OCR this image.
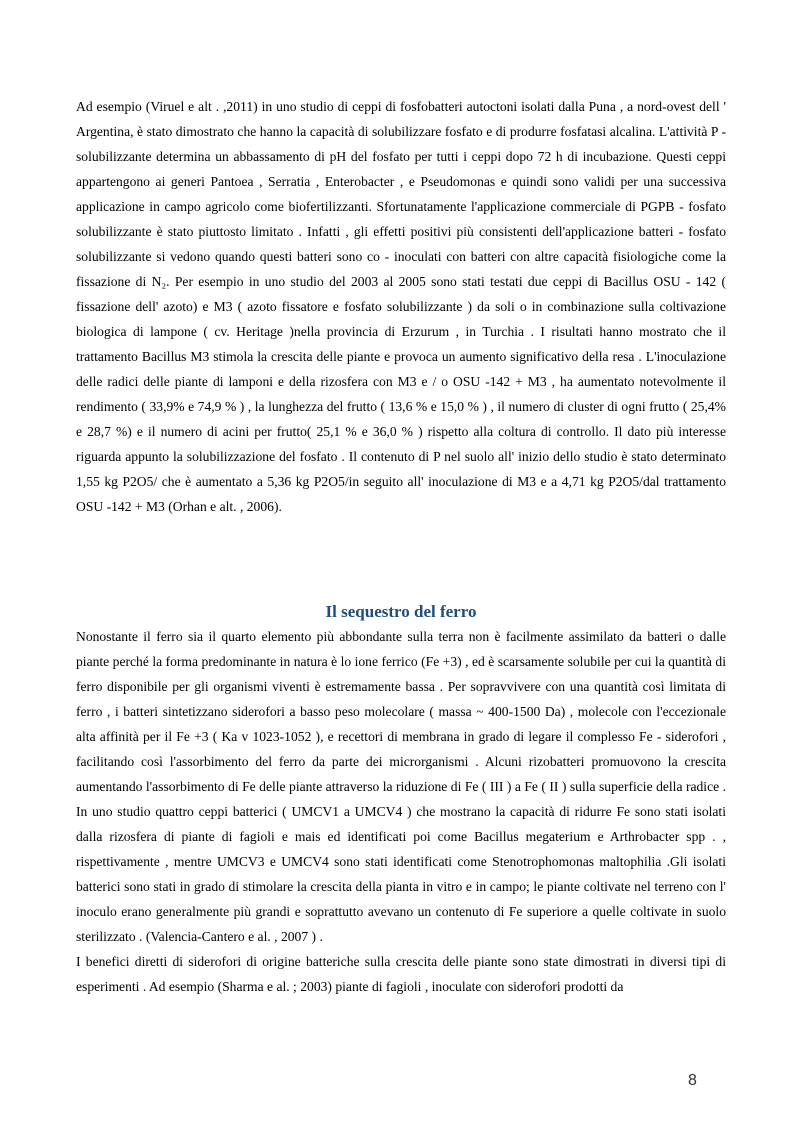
Ad esempio (Viruel e alt . ,2011) in uno studio di ceppi di fosfobatteri autoctoni isolati dalla Puna , a nord-ovest dell ' Argentina, è stato dimostrato che hanno la capacità di solubilizzare fosfato e di produrre fosfatasi alcalina. L'attività P - solubilizzante determina un abbassamento di pH del fosfato per tutti i ceppi dopo 72 h di incubazione. Questi ceppi appartengono ai generi Pantoea , Serratia , Enterobacter , e Pseudomonas e quindi sono validi per una successiva applicazione in campo agricolo come biofertilizzanti. Sfortunatamente l'applicazione commerciale di PGPB - fosfato solubilizzante è stato piuttosto limitato . Infatti , gli effetti positivi più consistenti dell'applicazione batteri - fosfato solubilizzante si vedono quando questi batteri sono co - inoculati con batteri con altre capacità fisiologiche come la fissazione di N₂. Per esempio in uno studio del 2003 al 2005 sono stati testati due ceppi di Bacillus OSU - 142 ( fissazione dell' azoto) e M3 ( azoto fissatore e fosfato solubilizzante ) da soli o in combinazione sulla coltivazione biologica di lampone ( cv. Heritage )nella provincia di Erzurum , in Turchia . I risultati hanno mostrato che il trattamento Bacillus M3 stimola la crescita delle piante e provoca un aumento significativo della resa . L'inoculazione delle radici delle piante di lamponi e della rizosfera con M3 e / o OSU -142 + M3 , ha aumentato notevolmente il rendimento ( 33,9% e 74,9 % ) , la lunghezza del frutto ( 13,6 % e 15,0 % ) , il numero di cluster di ogni frutto ( 25,4% e 28,7 %) e il numero di acini per frutto( 25,1 % e 36,0 % ) rispetto alla coltura di controllo. Il dato più interesse riguarda appunto la solubilizzazione del fosfato . Il contenuto di P nel suolo all' inizio dello studio è stato determinato 1,55 kg P2O5/ che è aumentato a 5,36 kg P2O5/in seguito all' inoculazione di M3 e a 4,71 kg P2O5/dal trattamento OSU -142 + M3 (Orhan e alt. , 2006).

Il sequestro del ferro
Nonostante il ferro sia il quarto elemento più abbondante sulla terra non è facilmente assimilato da batteri o dalle piante perché la forma predominante in natura è lo ione ferrico (Fe +3) , ed è scarsamente solubile per cui la quantità di ferro disponibile per gli organismi viventi è estremamente bassa . Per sopravvivere con una quantità così limitata di ferro , i batteri sintetizzano siderofori a basso peso molecolare ( massa ~ 400-1500 Da) , molecole con l'eccezionale alta affinità per il Fe +3 ( Ka v 1023-1052 ), e recettori di membrana in grado di legare il complesso Fe - siderofori , facilitando così l'assorbimento del ferro da parte dei microrganismi . Alcuni rizobatteri promuovono la crescita aumentando l'assorbimento di Fe delle piante attraverso la riduzione di Fe ( III ) a Fe ( II ) sulla superficie della radice . In uno studio quattro ceppi batterici ( UMCV1 a UMCV4 ) che mostrano la capacità di ridurre Fe sono stati isolati dalla rizosfera di piante di fagioli e mais ed identificati poi come Bacillus megaterium e Arthrobacter spp . , rispettivamente , mentre UMCV3 e UMCV4 sono stati identificati come Stenotrophomonas maltophilia .Gli isolati batterici sono stati in grado di stimolare la crescita della pianta in vitro e in campo; le piante coltivate nel terreno con l' inoculo erano generalmente più grandi e soprattutto avevano un contenuto di Fe superiore a quelle coltivate in suolo sterilizzato . (Valencia-Cantero e al. , 2007 ) .
I benefici diretti di siderofori di origine batteriche sulla crescita delle piante sono state dimostrati in diversi tipi di esperimenti . Ad esempio (Sharma e al. ; 2003) piante di fagioli , inoculate con siderofori prodotti da
8
